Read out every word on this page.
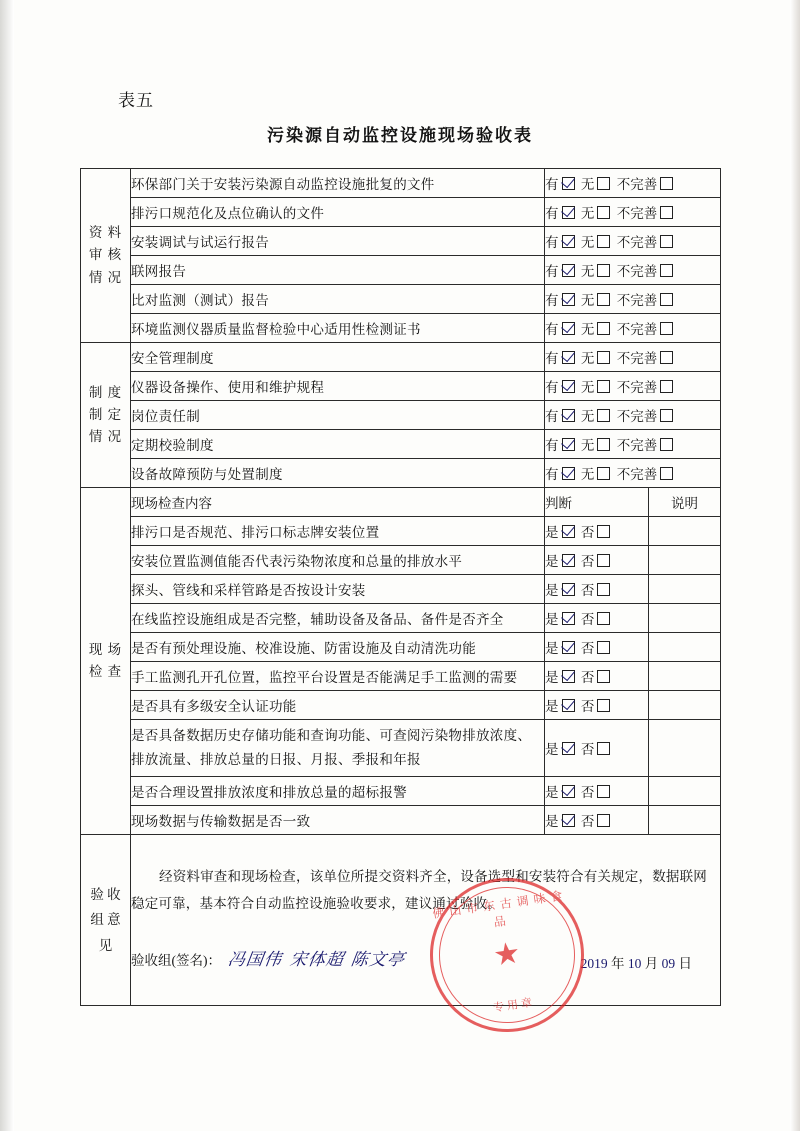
表五
污染源自动监控设施现场验收表
资 料
审 核
情 况	环保部门关于安装污染源自动监控设施批复的文件	有 无 不完善	
	排污口规范化及点位确认的文件	有 无 不完善	
	安装调试与试运行报告	有 无 不完善	
	联网报告	有 无 不完善	
	比对监测（测试）报告	有 无 不完善	
	环境监测仪器质量监督检验中心适用性检测证书	有 无 不完善	

制 度
制 定
情 况	安全管理制度	有 无 不完善	
	仪器设备操作、使用和维护规程	有 无 不完善	
	岗位责任制	有 无 不完善	
	定期校验制度	有 无 不完善	
	设备故障预防与处置制度	有 无 不完善	

现 场
检 查	现场检查内容	判断	说明
	排污口是否规范、排污口标志牌安装位置	是 否	
	安装位置监测值能否代表污染物浓度和总量的排放水平	是 否	
	探头、管线和采样管路是否按设计安装	是 否	
	在线监控设施组成是否完整，辅助设备及备品、备件是否齐全	是 否	
	是否有预处理设施、校准设施、防雷设施及自动清洗功能	是 否	
	手工监测孔开孔位置，监控平台设置是否能满足手工监测的需要	是 否	
	是否具有多级安全认证功能	是 否	
	是否具备数据历史存储功能和查询功能、可查阅污染物排放浓度、排放流量、排放总量的日报、月报、季报和年报	是 否	
	是否合理设置排放浓度和排放总量的超标报警	是 否	
	现场数据与传输数据是否一致	是 否	

验 收
组 意
见

经资料审查和现场检查，该单位所提交资料齐全，设备选型和安装符合有关规定，数据联网稳定可靠，基本符合自动监控设施验收要求，建议通过验收。
验收组(签名)： 冯国伟 宋体超 陈文亭	2019 年 10 月 09 日
佛山市东古调味食品
★
专用章
